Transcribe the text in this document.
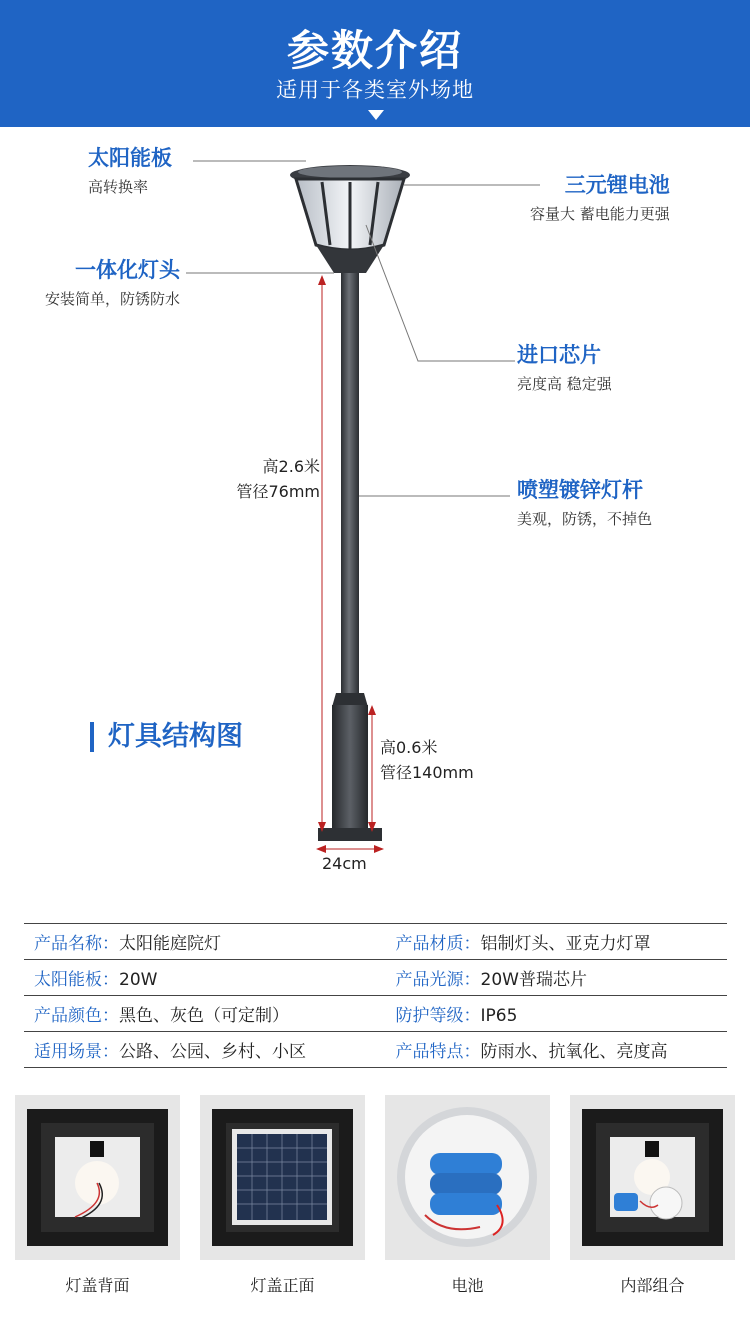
参数介绍
适用于各类室外场地
太阳能板
高转换率	三元锂电池
容量大 蓄电能力更强
一体化灯头
安装简单，防锈防水
进口芯片
亮度高 稳定强
喷塑镀锌灯杆
美观，防锈，不掉色
高2.6米
管径76mm
高0.6米
管径140mm
24cm
灯具结构图
产品名称：太阳能庭院灯	产品材质：铝制灯头、亚克力灯罩
太阳能板：20W	产品光源：20W普瑞芯片
产品颜色：黑色、灰色（可定制）	防护等级：IP65
适用场景：公路、公园、乡村、小区	产品特点：防雨水、抗氧化、亮度高
灯盖背面	灯盖正面	电池	内部组合
